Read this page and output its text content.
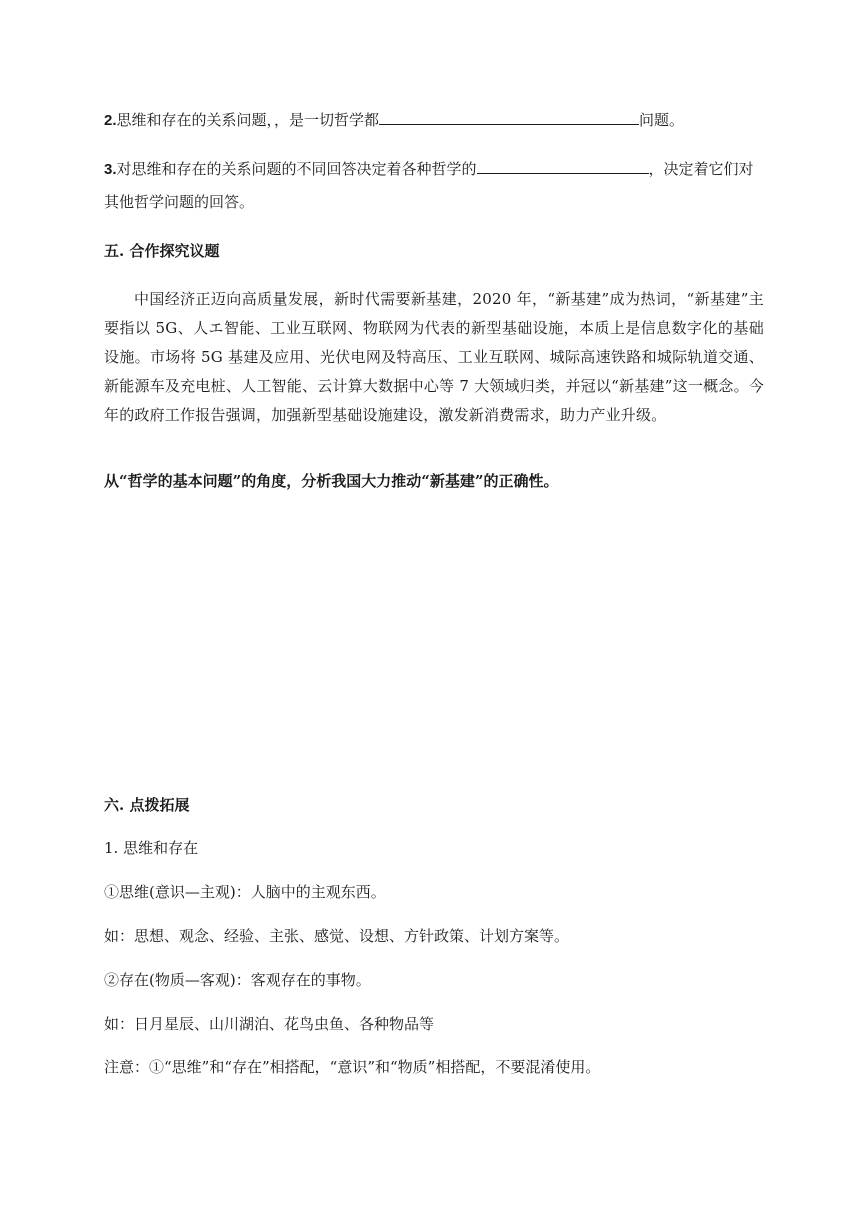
2.思维和存在的关系问题，，是一切哲学都	问题。
3.对思维和存在的关系问题的不同回答决定着各种哲学的	，决定着它们对
其他哲学问题的回答。
五. 合作探究议题
中国经济正迈向高质量发展，新时代需要新基建，2020 年，“新基建”成为热词，“新基建”主要指以 5G、人エ智能、工业互联网、物联网为代表的新型基础设施，本质上是信息数字化的基础设施。市场将 5G 基建及应用、光伏电网及特高压、工业互联网、城际高速铁路和城际轨道交通、新能源车及充电桩、人工智能、云计算大数据中心等 7 大领域归类，并冠以“新基建”这一概念。今年的政府工作报告强调，加强新型基础设施建设，激发新消费需求，助力产业升级。
从“哲学的基本问题”的角度，分析我国大力推动“新基建”的正确性。
六. 点拨拓展
1. 思维和存在
①思维(意识—主观)：人脑中的主观东西。
如：思想、观念、经验、主张、感觉、设想、方针政策、计划方案等。
②存在(物质—客观)：客观存在的事物。
如：日月星辰、山川湖泊、花鸟虫鱼、各种物品等
注意：①“思维”和“存在”相搭配，“意识”和“物质”相搭配，不要混淆使用。
